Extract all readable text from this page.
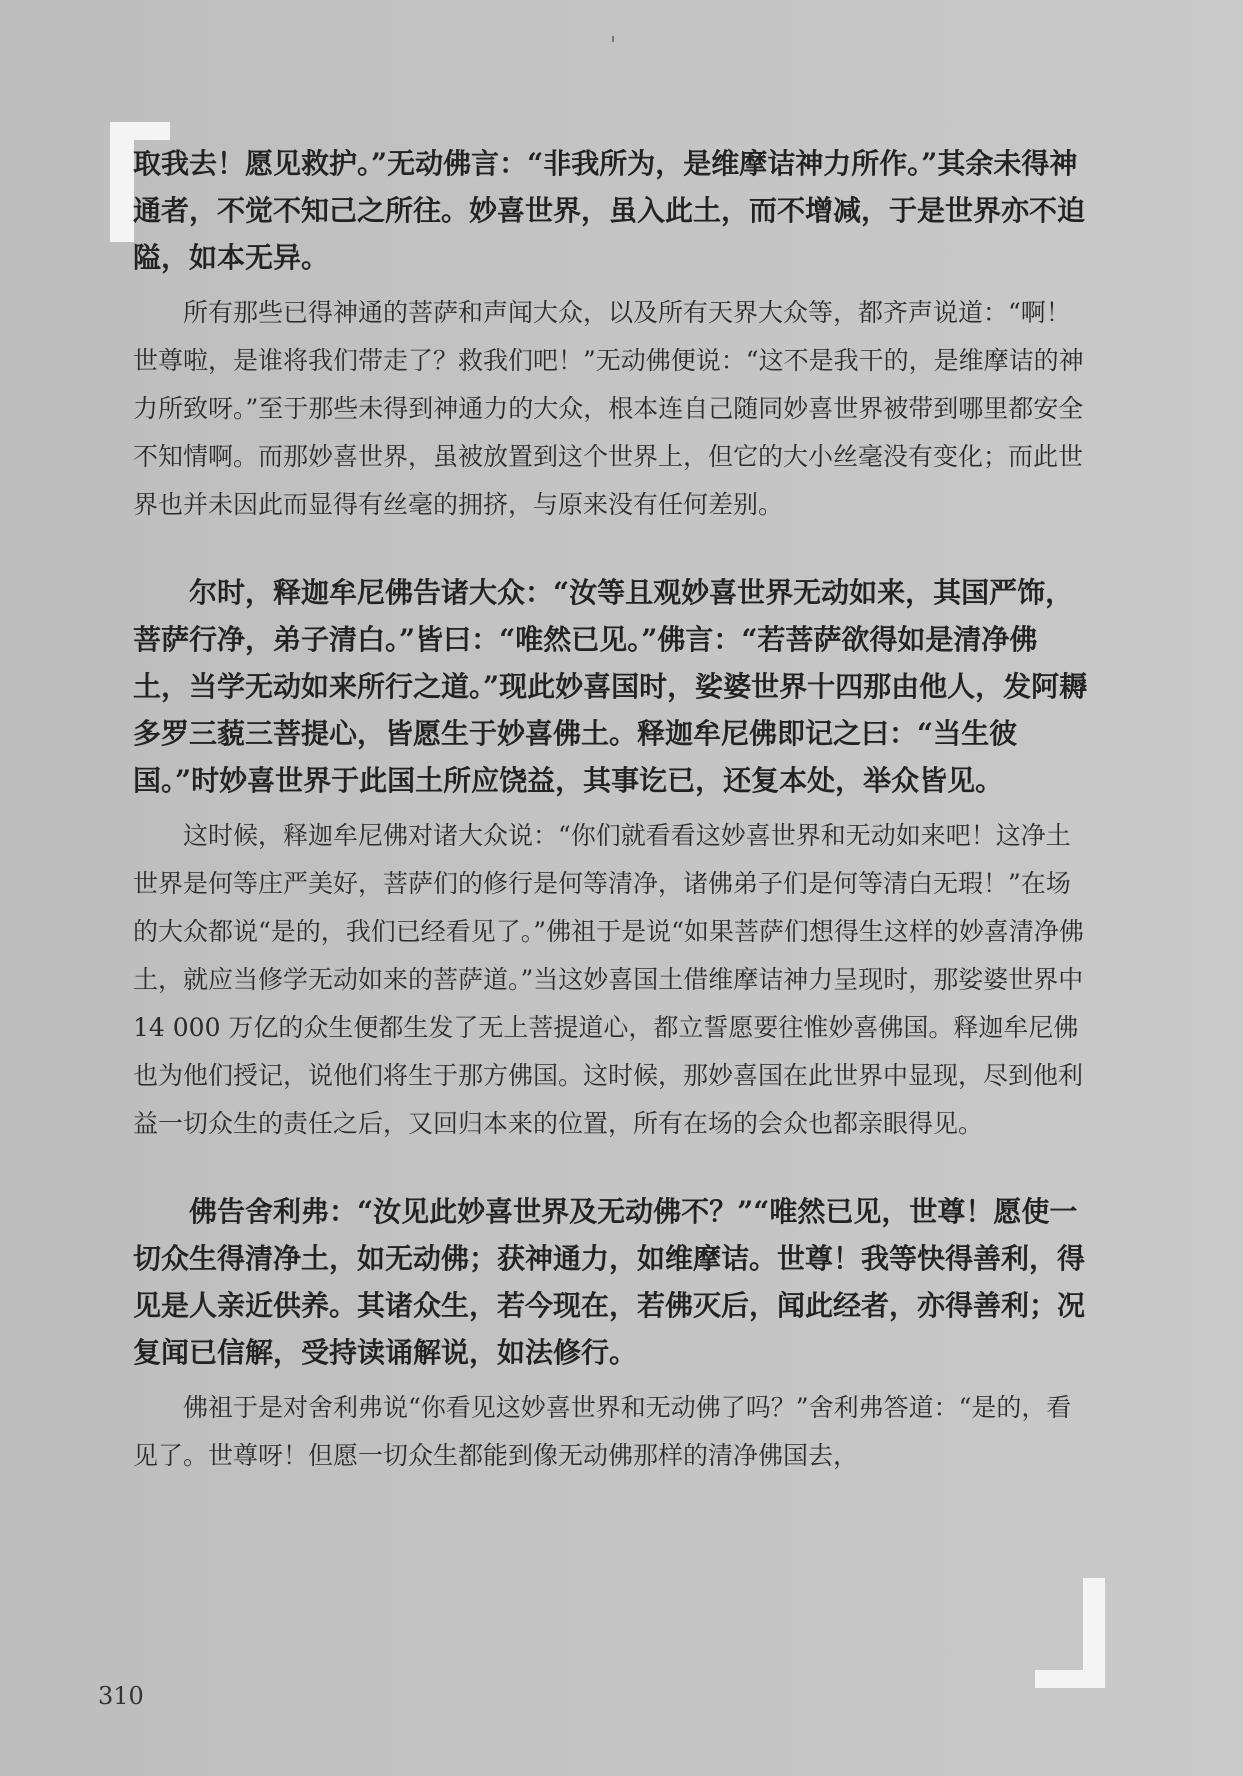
取我去！愿见救护。”无动佛言：“非我所为，是维摩诘神力所作。”其余未得神通者，不觉不知己之所往。妙喜世界，虽入此土，而不增减，于是世界亦不迫隘，如本无异。

所有那些已得神通的菩萨和声闻大众，以及所有天界大众等，都齐声说道：“啊！世尊啦，是谁将我们带走了？救我们吧！”无动佛便说：“这不是我干的，是维摩诘的神力所致呀。”至于那些未得到神通力的大众，根本连自己随同妙喜世界被带到哪里都安全不知情啊。而那妙喜世界，虽被放置到这个世界上，但它的大小丝毫没有变化；而此世界也并未因此而显得有丝毫的拥挤，与原来没有任何差别。

尔时，释迦牟尼佛告诸大众：“汝等且观妙喜世界无动如来，其国严饰，菩萨行净，弟子清白。”皆曰：“唯然已见。”佛言：“若菩萨欲得如是清净佛土，当学无动如来所行之道。”现此妙喜国时，娑婆世界十四那由他人，发阿耨多罗三藐三菩提心，皆愿生于妙喜佛土。释迦牟尼佛即记之曰：“当生彼国。”时妙喜世界于此国土所应饶益，其事讫已，还复本处，举众皆见。

这时候，释迦牟尼佛对诸大众说：“你们就看看这妙喜世界和无动如来吧！这净土世界是何等庄严美好，菩萨们的修行是何等清净，诸佛弟子们是何等清白无瑕！”在场的大众都说“是的，我们已经看见了。”佛祖于是说“如果菩萨们想得生这样的妙喜清净佛土，就应当修学无动如来的菩萨道。”当这妙喜国土借维摩诘神力呈现时，那娑婆世界中 14 000 万亿的众生便都生发了无上菩提道心，都立誓愿要往惟妙喜佛国。释迦牟尼佛也为他们授记，说他们将生于那方佛国。这时候，那妙喜国在此世界中显现，尽到他利益一切众生的责任之后，又回归本来的位置，所有在场的会众也都亲眼得见。

佛告舍利弗：“汝见此妙喜世界及无动佛不？”“唯然已见，世尊！愿使一切众生得清净土，如无动佛；获神通力，如维摩诘。世尊！我等快得善利，得见是人亲近供养。其诸众生，若今现在，若佛灭后，闻此经者，亦得善利；况复闻已信解，受持读诵解说，如法修行。

佛祖于是对舍利弗说“你看见这妙喜世界和无动佛了吗？”舍利弗答道：“是的，看见了。世尊呀！但愿一切众生都能到像无动佛那样的清净佛国去，

310
